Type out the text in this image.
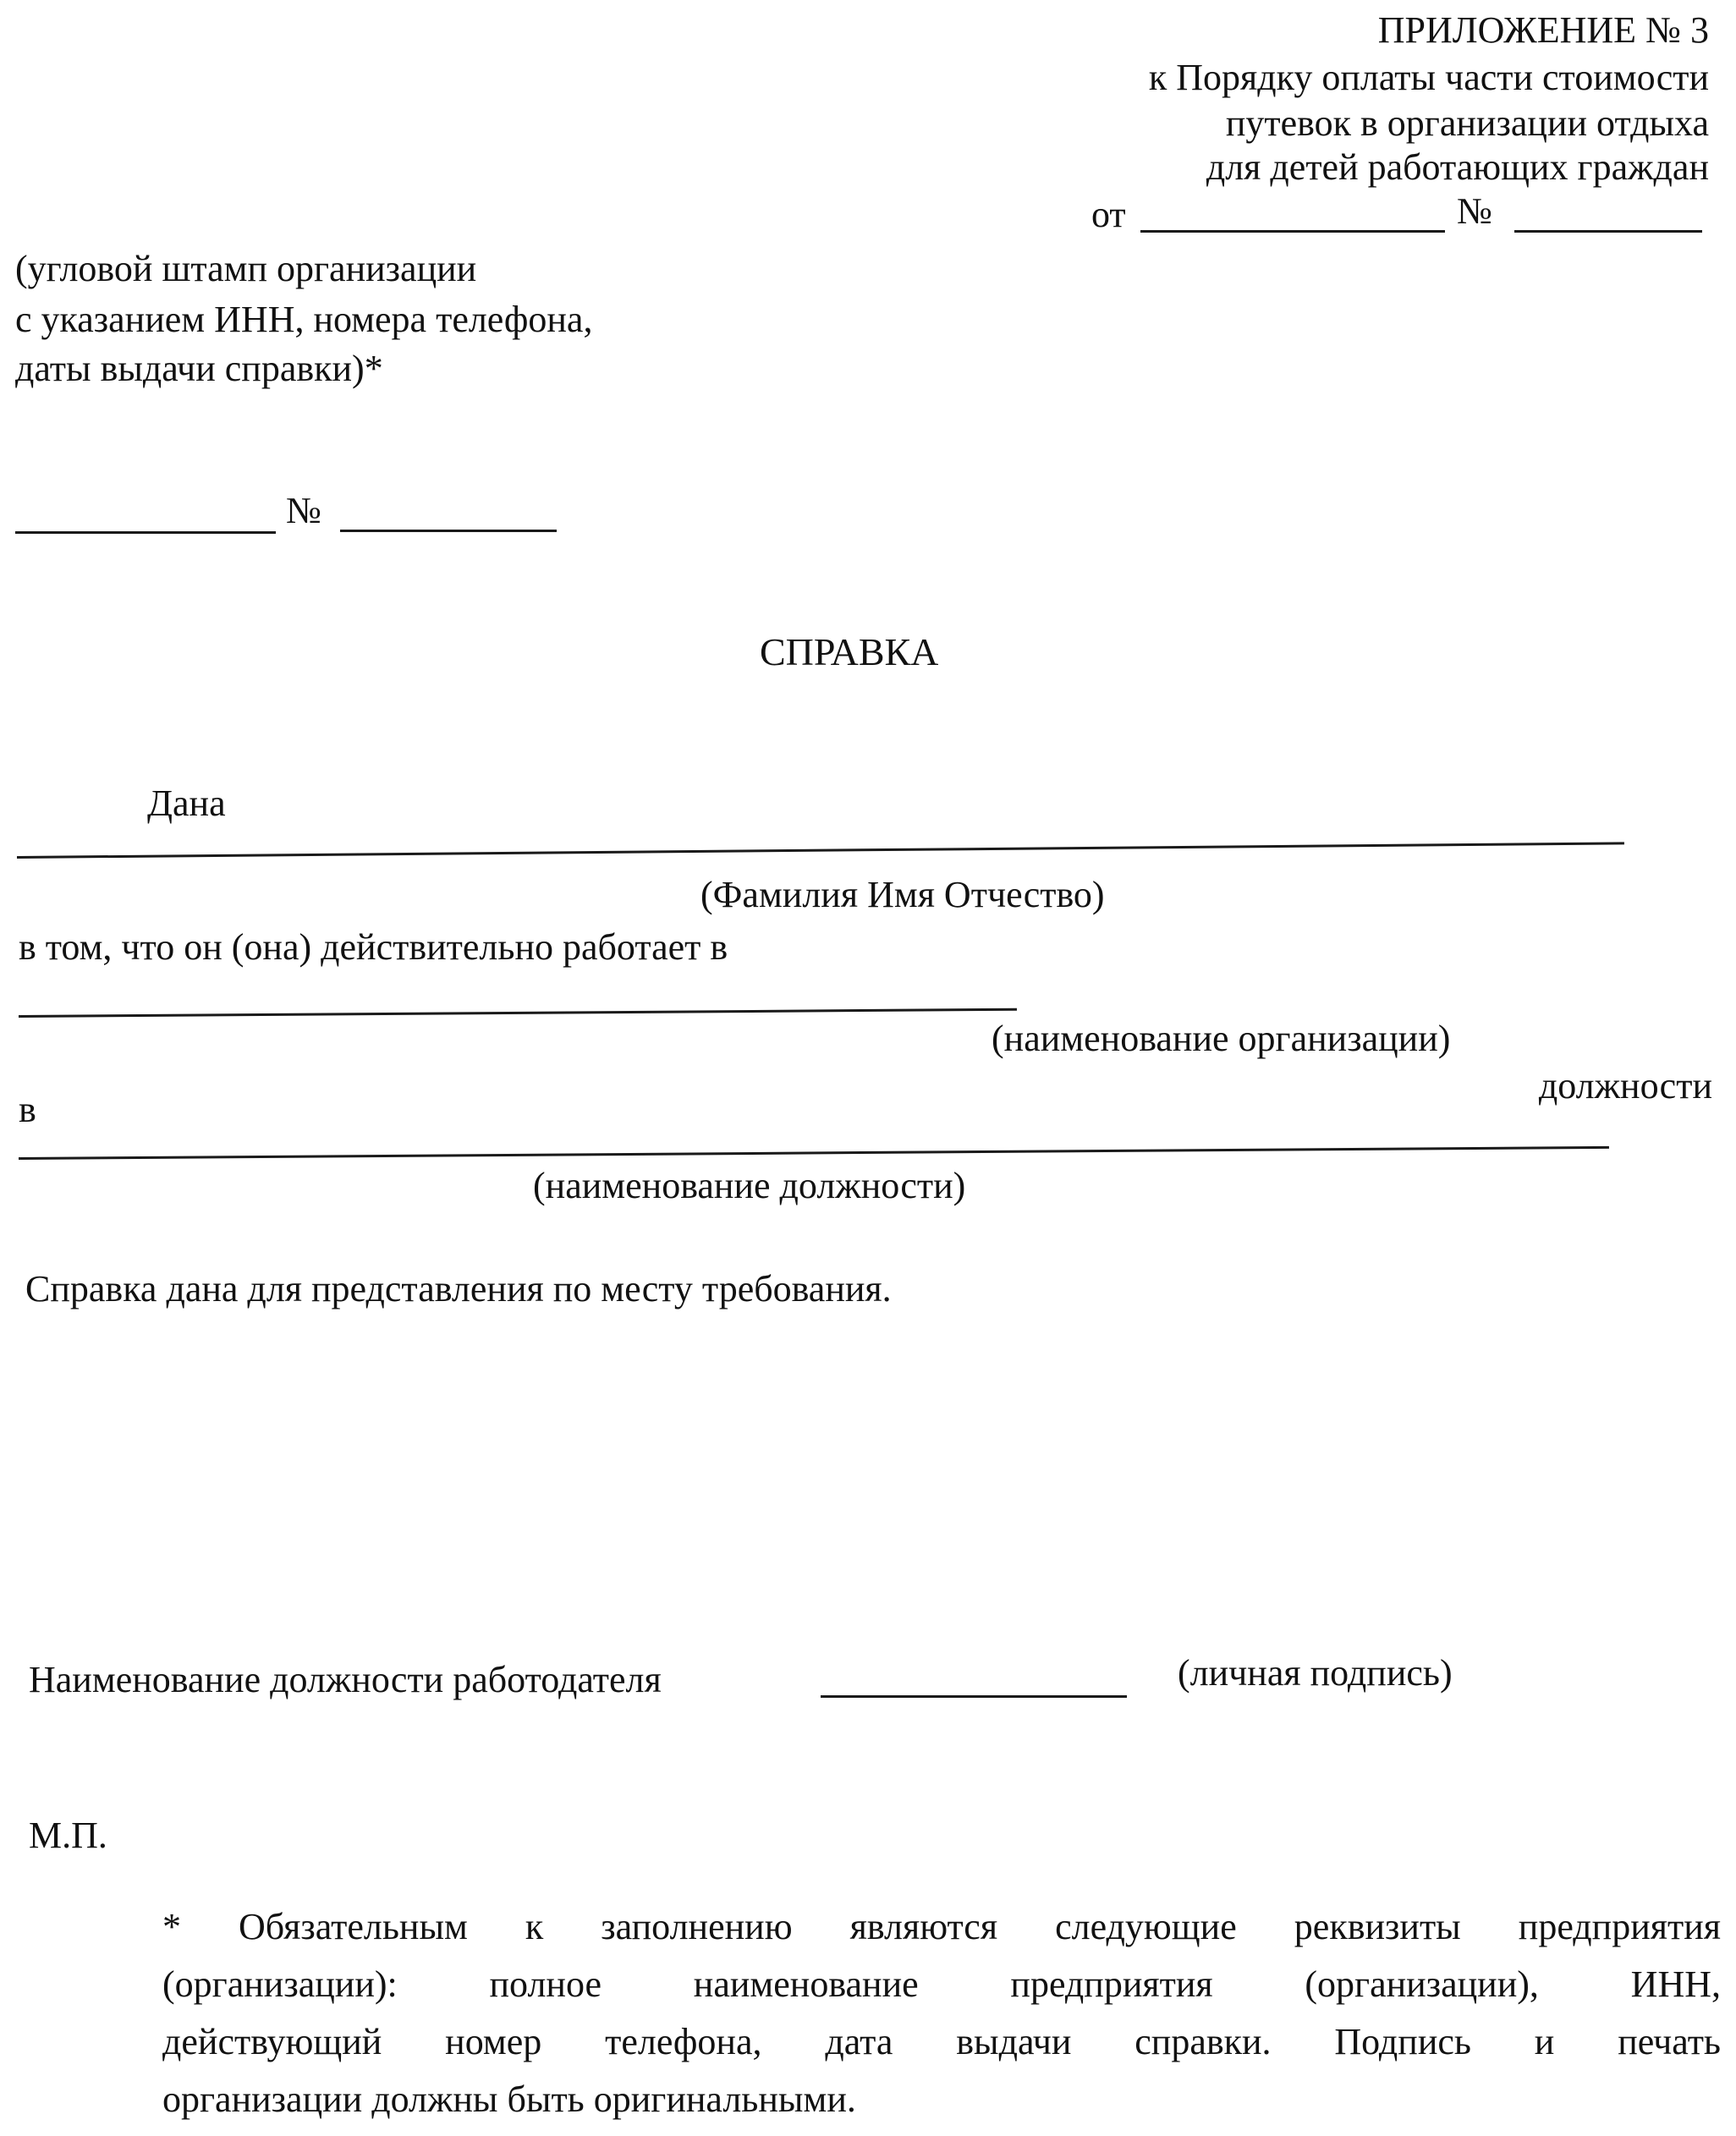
ПРИЛОЖЕНИЕ № 3
к Порядку оплаты части стоимости
путевок в организации отдыха
для детей работающих граждан
от	№
(угловой штамп организации
с указанием ИНН, номера телефона,
даты выдачи справки)*
№
СПРАВКА
Дана
(Фамилия Имя Отчество)
в том, что он (она) действительно работает в
(наименование организации)
в
должности
(наименование должности)
Справка дана для представления по месту требования.
Наименование должности работодателя	(личная подпись)
М.П.
* Обязательным к заполнению являются следующие реквизиты предприятия
(организации): полное наименование предприятия (организации), ИНН,
действующий номер телефона, дата выдачи справки. Подпись и печать
организации должны быть оригинальными.
